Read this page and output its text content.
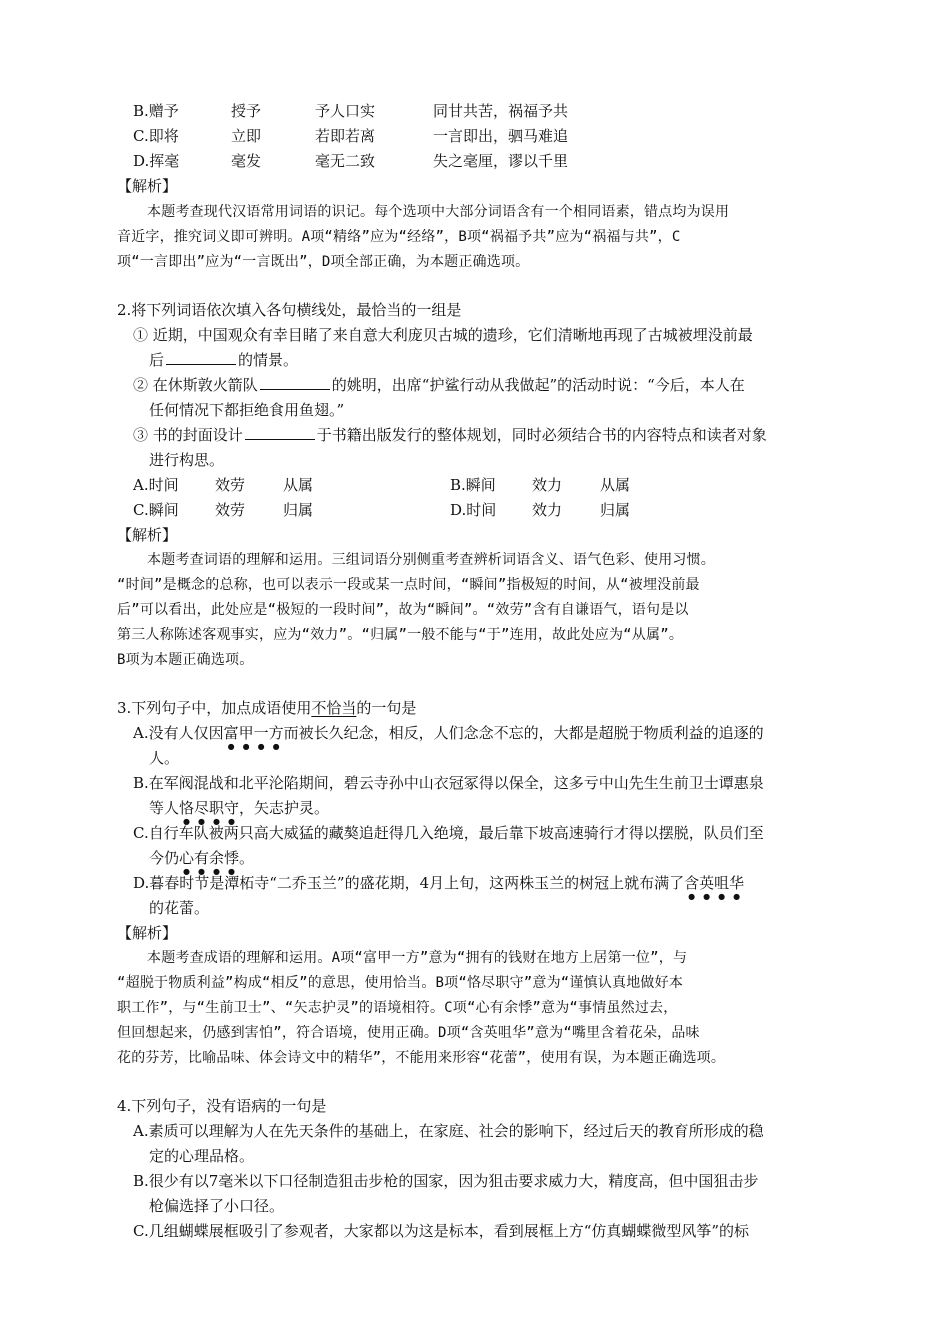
B.赠予	授予	予人口实	同甘共苦，祸福予共
C.即将	立即	若即若离	一言即出，驷马难追
D.挥毫	毫发	毫无二致	失之毫厘，谬以千里
【解析】
本题考查现代汉语常用词语的识记。每个选项中大部分词语含有一个相同语素，错点均为误用
音近字，推究词义即可辨明。A项“精络”应为“经络”，B项“祸福予共”应为“祸福与共”，C
项“一言即出”应为“一言既出”，D项全部正确，为本题正确选项。
2.将下列词语依次填入各句横线处，最恰当的一组是
① 近期，中国观众有幸目睹了来自意大利庞贝古城的遗珍，它们清晰地再现了古城被埋没前最
后	的情景。
② 在休斯敦火箭队	的姚明，出席“护鲨行动从我做起”的活动时说：“今后，本人在
任何情况下都拒绝食用鱼翅。”
③ 书的封面设计	于书籍出版发行的整体规划，同时必须结合书的内容特点和读者对象
进行构思。
A.时间 效劳	从属	B.瞬间 效力	从属
C.瞬间 效劳	归属	D.时间 效力	归属
【解析】
本题考查词语的理解和运用。三组词语分别侧重考查辨析词语含义、语气色彩、使用习惯。
“时间”是概念的总称，也可以表示一段或某一点时间，“瞬间”指极短的时间，从“被埋没前最
后”可以看出，此处应是“极短的一段时间”，故为“瞬间”。“效劳”含有自谦语气，语句是以
第三人称陈述客观事实，应为“效力”。“归属”一般不能与“于”连用，故此处应为“从属”。
B项为本题正确选项。
3.下列句子中，加点成语使用不恰当的一句是
A.没有人仅因富甲一方而被长久纪念，相反，人们念念不忘的，大都是超脱于物质利益的追逐的
人。
B.在军阀混战和北平沦陷期间，碧云寺孙中山衣冠冢得以保全，这多亏中山先生生前卫士谭惠泉
等人恪尽职守，矢志护灵。
C.自行车队被两只高大威猛的藏獒追赶得几入绝境，最后靠下坡高速骑行才得以摆脱，队员们至
今仍心有余悸。
D.暮春时节是潭柘寺“二乔玉兰”的盛花期，4月上旬，这两株玉兰的树冠上就布满了含英咀华
的花蕾。
【解析】
本题考查成语的理解和运用。A项“富甲一方”意为“拥有的钱财在地方上居第一位”，与
“超脱于物质利益”构成“相反”的意思，使用恰当。B项“恪尽职守”意为“谨慎认真地做好本
职工作”，与“生前卫士”、“矢志护灵”的语境相符。C项“心有余悸”意为“事情虽然过去，
但回想起来，仍感到害怕”，符合语境，使用正确。D项“含英咀华”意为“嘴里含着花朵，品味
花的芬芳，比喻品味、体会诗文中的精华”，不能用来形容“花蕾”，使用有误，为本题正确选项。
4.下列句子，没有语病的一句是
A.素质可以理解为人在先天条件的基础上，在家庭、社会的影响下，经过后天的教育所形成的稳
定的心理品格。
B.很少有以7毫米以下口径制造狙击步枪的国家，因为狙击要求威力大，精度高，但中国狙击步
枪偏选择了小口径。
C.几组蝴蝶展框吸引了参观者，大家都以为这是标本，看到展框上方“仿真蝴蝶微型风筝”的标
